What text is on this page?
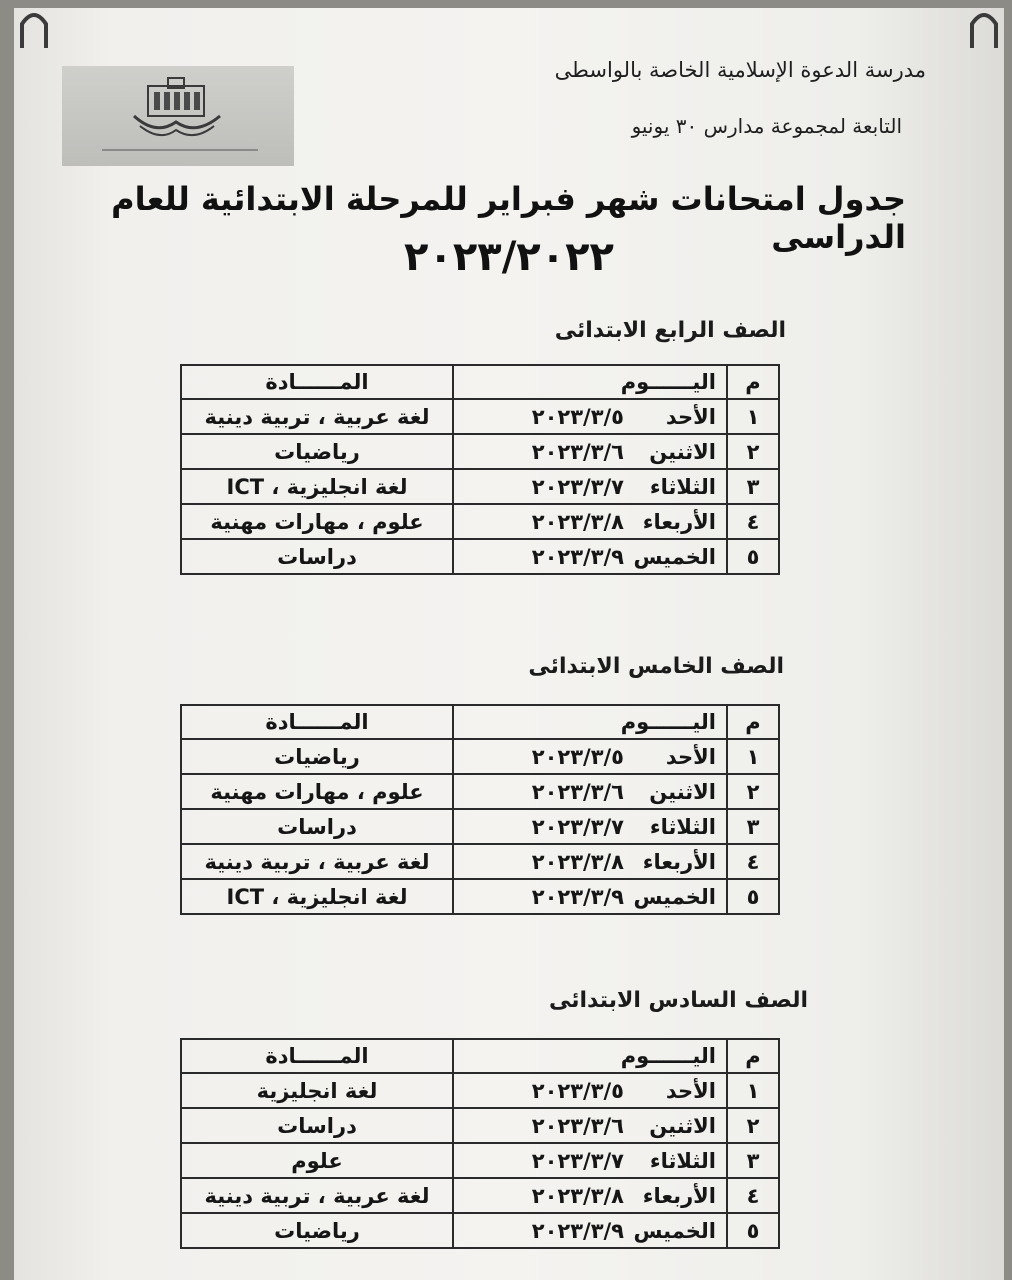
مدرسة الدعوة الإسلامية الخاصة بالواسطى
التابعة لمجموعة مدارس ٣٠ يونيو
جدول امتحانات شهر فبراير للمرحلة الابتدائية للعام الدراسى
٢٠٢٣/٢٠٢٢
الصف الرابع الابتدائى
م	اليــــــوم	المــــــادة
١	الأحد٢٠٢٣/٣/٥	لغة عربية ، تربية دينية
٢	الاثنين٢٠٢٣/٣/٦	رياضيات
٣	الثلاثاء٢٠٢٣/٣/٧	لغة انجليزية ، ICT
٤	الأربعاء٢٠٢٣/٣/٨	علوم ، مهارات مهنية
٥	الخميس٢٠٢٣/٣/٩	دراسات
الصف الخامس الابتدائى
م	اليــــــوم	المــــــادة
١	الأحد٢٠٢٣/٣/٥	رياضيات
٢	الاثنين٢٠٢٣/٣/٦	علوم ، مهارات مهنية
٣	الثلاثاء٢٠٢٣/٣/٧	دراسات
٤	الأربعاء٢٠٢٣/٣/٨	لغة عربية ، تربية دينية
٥	الخميس٢٠٢٣/٣/٩	لغة انجليزية ، ICT
الصف السادس الابتدائى
م	اليــــــوم	المــــــادة
١	الأحد٢٠٢٣/٣/٥	لغة انجليزية
٢	الاثنين٢٠٢٣/٣/٦	دراسات
٣	الثلاثاء٢٠٢٣/٣/٧	علوم
٤	الأربعاء٢٠٢٣/٣/٨	لغة عربية ، تربية دينية
٥	الخميس٢٠٢٣/٣/٩	رياضيات
